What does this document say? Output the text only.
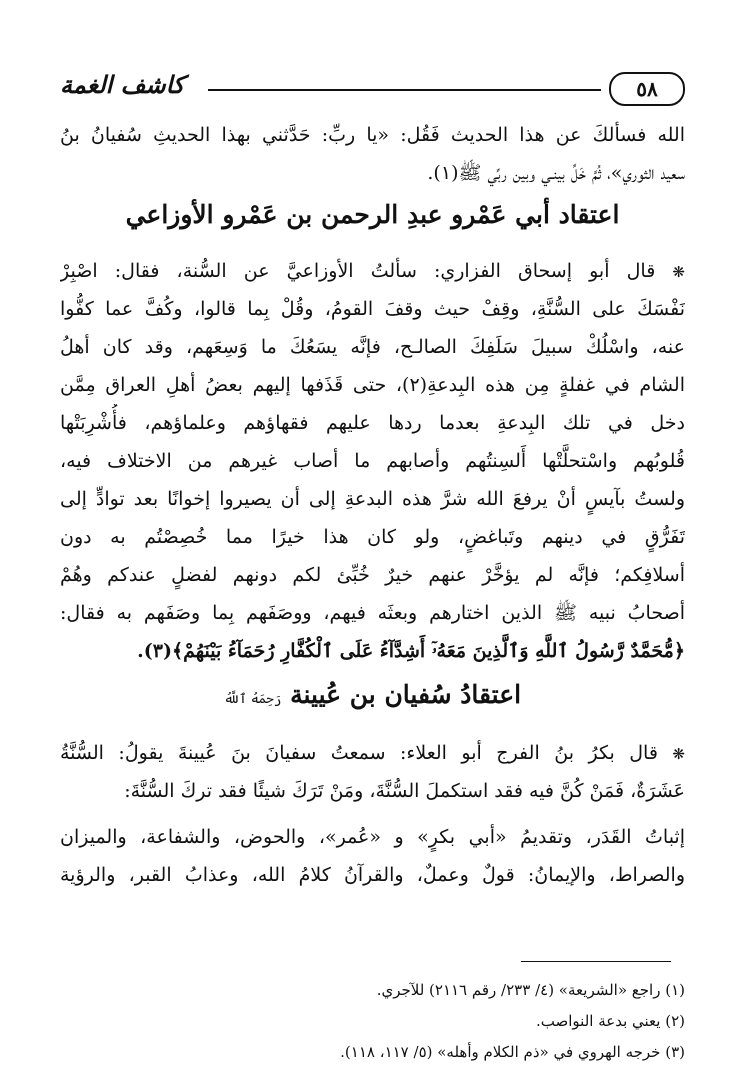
٥٨
كاشف الغمة
الله فسألكَ عن هذا الحديث فَقُل: «يا ربِّ: حَدَّثني بهذا الحديثِ سُفيانُ بنُ
سعيد الثوري»، ثُمَّ خَلِّ بينـي وبين ربِّي ﷺ(١).
اعتقاد أبي عَمْرو عبدِ الرحمن بن عَمْرو الأوزاعي
❋ قال أبو إسحاق الفزاري: سألتُ الأوزاعيَّ عن السُّنة، فقال: اصْبِرْ
نَفْسَكَ على السُّنَّةِ، وقِفْ حيث وقفَ القومُ، وقُلْ بِما قالوا، وكُفَّ عما كفُّوا
عنه، واسْلُكْ سبيلَ سَلَفِكَ الصالـح، فإنَّه يسَعُكَ ما وَسِعَهم، وقد كان أهلُ
الشام في غفلةٍ مِن هذه البِدعةِ(٢)، حتى قَذَفها إليهم بعضُ أهلِ العراق مِمَّن
دخل في تلك البِدعةِ بعدما ردها عليهم فقهاؤهم وعلماؤهم، فأُشْرِبَتْها
قُلوبُهم واسْتحلَّتْها أَلسِنتُهم وأصابهم ما أصاب غيرهم من الاختلاف فيه،
ولستُ بآيسٍ أنْ يرفعَ الله شرَّ هذه البدعةِ إلى أن يصيروا إخوانًا بعد توادٍّ إلى
تَفَرُّقٍ في دينهم وتَباغضٍ، ولو كان هذا خيرًا مما خُصِصْتُم به دون
أسلافِكم؛ فإنَّه لم يؤخَّرْ عنهم خيرٌ خُبِّئ لكم دونهم لفضلٍ عندكم وهُمْ
أصحابُ نبيه ﷺ الذين اختارهم وبعثَه فيهم، ووصَفَهم بِما وصَفَهم به فقال:
﴿مُّحَمَّدٌ رَّسُولُ ٱللَّهِ وَٱلَّذِينَ مَعَهُۥٓ أَشِدَّآءُ عَلَى ٱلْكُفَّارِ رُحَمَآءُ بَيْنَهُمْ﴾(٣).
اعتقادُ سُفيان بن عُيينة رَحِمَهُ ٱللَّهُ
❋ قال بكرُ بنُ الفرج أبو العلاء: سمعتُ سفيانَ بنَ عُيينةَ يقولُ: السُّنَّةُ
عَشَرَةٌ، فَمَنْ كُنَّ فيه فقد استكملَ السُّنَّةَ، ومَنْ تَرَكَ شيئًا فقد تركَ السُّنَّةَ:
إثباتُ القَدَر، وتقديمُ «أبي بكرٍ» و «عُمر»، والحوض، والشفاعة، والميزان
والصراط، والإيمانُ: قولٌ وعملٌ، والقرآنُ كلامُ الله، وعذابُ القبر، والرؤية
(١) راجع «الشريعة» (٤/ ٢٣٣/ رقم ٢١١٦) للآجري.
(٢) يعني بدعة النواصب.
(٣) خرجه الهروي في «ذم الكلام وأهله» (٥/ ١١٧، ١١٨).
